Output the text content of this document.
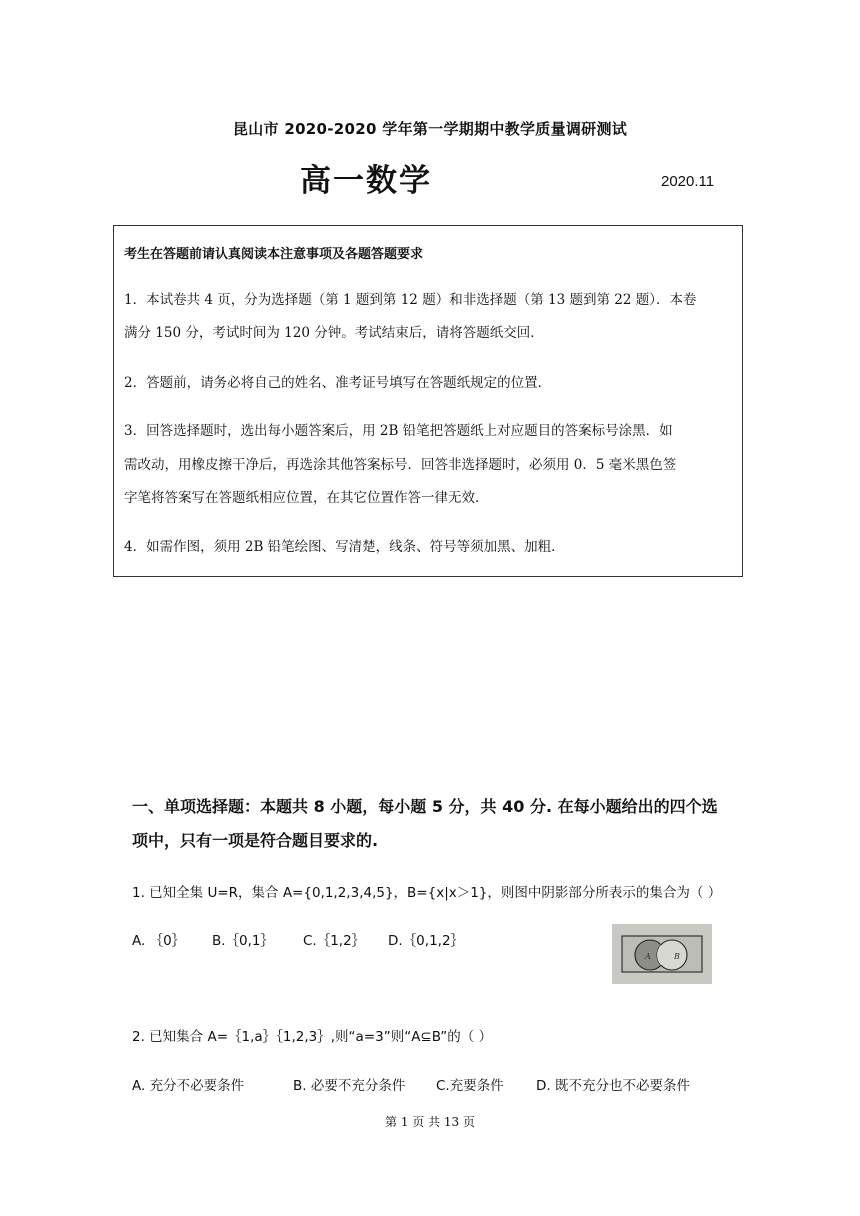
昆山市 2020-2020 学年第一学期期中教学质量调研测试
高一数学	2020.11
考生在答题前请认真阅读本注意事项及各题答题要求
1．本试卷共 4 页，分为选择题（第 1 题到第 12 题）和非选择题（第 13 题到第 22 题）．本卷
满分 150 分，考试时间为 120 分钟。考试结束后，请将答题纸交回．
2．答题前，请务必将自己的姓名、准考证号填写在答题纸规定的位置．
3．回答选择题时，选出每小题答案后，用 2B 铅笔把答题纸上对应题目的答案标号涂黑．如
需改动，用橡皮擦干净后，再选涂其他答案标号．回答非选择题时，必须用 0．5 毫米黑色签
字笔将答案写在答题纸相应位置，在其它位置作答一律无效．
4．如需作图，须用 2B 铅笔绘图、写清楚，线条、符号等须加黑、加粗．
一、单项选择题：本题共 8 小题，每小题 5 分，共 40 分. 在每小题给出的四个选
项中，只有一项是符合题目要求的.
1. 已知全集 U=R，集合 A={0,1,2,3,4,5}，B={x|x＞1}，则图中阴影部分所表示的集合为（ ）
A. ｛0｝ B.｛0,1｝ C.｛1,2｝ D.｛0,1,2｝
A	B
2. 已知集合 A=｛1,a｝｛1,2,3｝,则“a=3”则“A⊆B”的（ ）
A. 充分不必要条件	B. 必要不充分条件 C.充要条件 D. 既不充分也不必要条件
第 1 页 共 13 页
